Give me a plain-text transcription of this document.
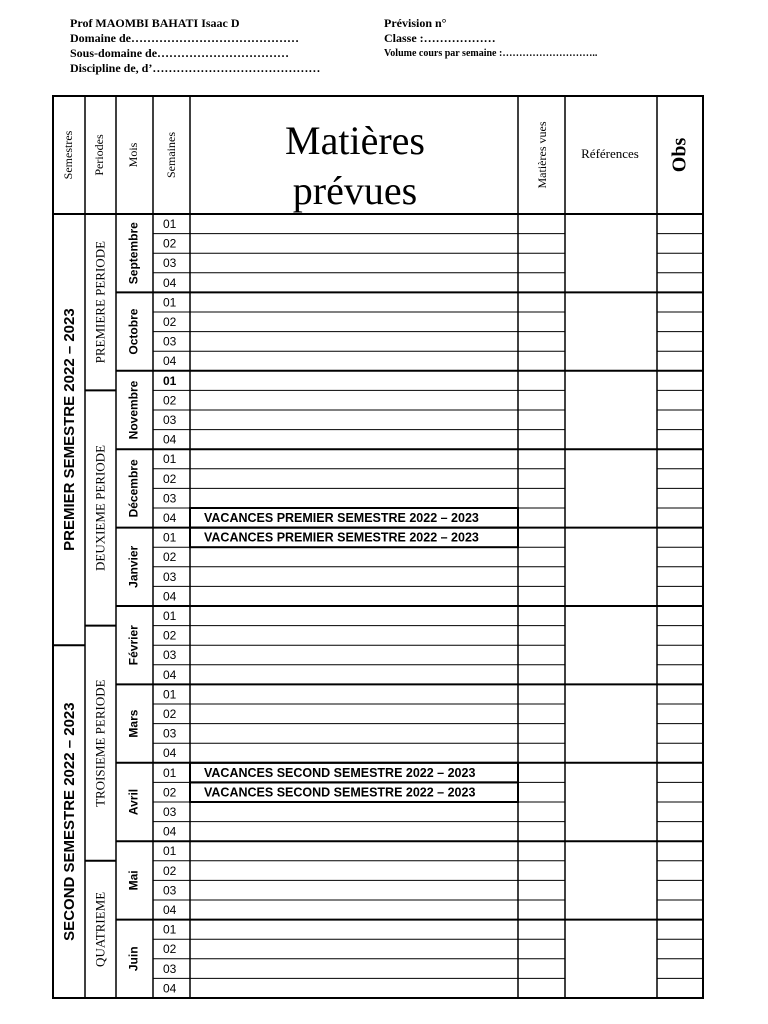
Prof MAOMBI BAHATI Isaac D
Domaine de……………………………………
Sous-domaine de……………………………
Discipline de, d’……………………………………
Prévision n°
Classe :………………
Volume cours par semaine :………………………..
Semestres Periodes Mois Semaines	Matières
prévues
Matières vues Références Obs
PREMIER SEMESTRE 2022 – 2023
SECOND SEMESTRE 2022 – 2023
PREMIERE PERIODE
DEUXIEME PERIODE
TROISIEME PERIODE
QUATRIEME
Septembre 01
02
03
04
Octobre
01
02
03
04
Novembre 01
02
03
04
Décembre
01
02
03
04
Janvier
01
02
03
04
Février
01
02
03
04
Mars
01
02
03
04
Avril
01
02
03
04
Mai
01
02
03
04
Juin
01
02
03
04
VACANCES PREMIER SEMESTRE 2022 – 2023
VACANCES PREMIER SEMESTRE 2022 – 2023
VACANCES SECOND SEMESTRE 2022 – 2023
VACANCES SECOND SEMESTRE 2022 – 2023
